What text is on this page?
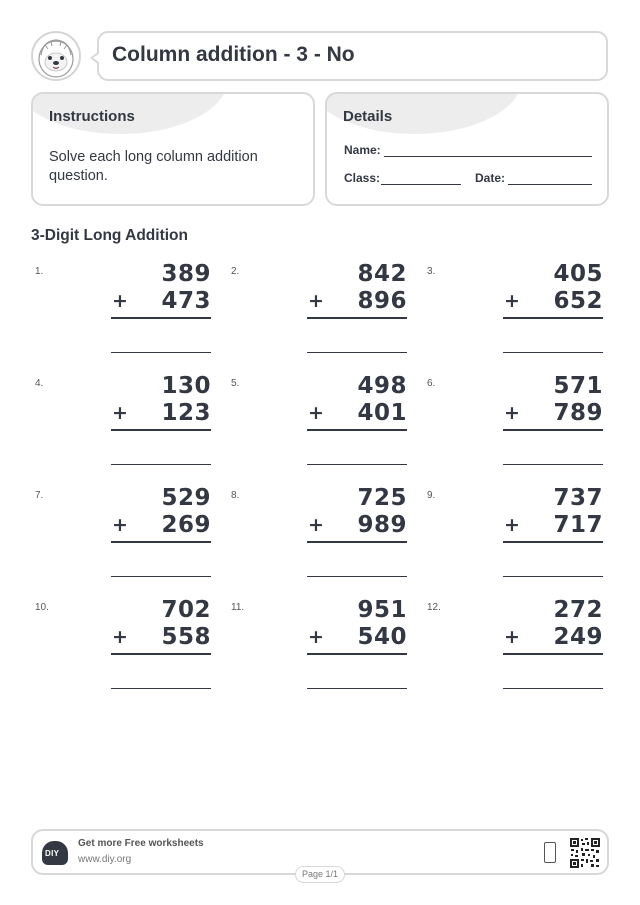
Column addition - 3 - No
Instructions
Solve each long column addition question.
Details
Name:
Class:	Date:
3-Digit Long Addition
1.	389
+	473
2.	842
+	896
3.	405
+	652
4.	130
+	123
5.	498
+	401
6.	571
+	789
7.	529
+	269
8.	725
+	989
9.	737
+	717
10.	702
+	558
11.	951
+	540
12.	272
+	249
DIY
Get more Free worksheets
www.diy.org
Page 1/1
